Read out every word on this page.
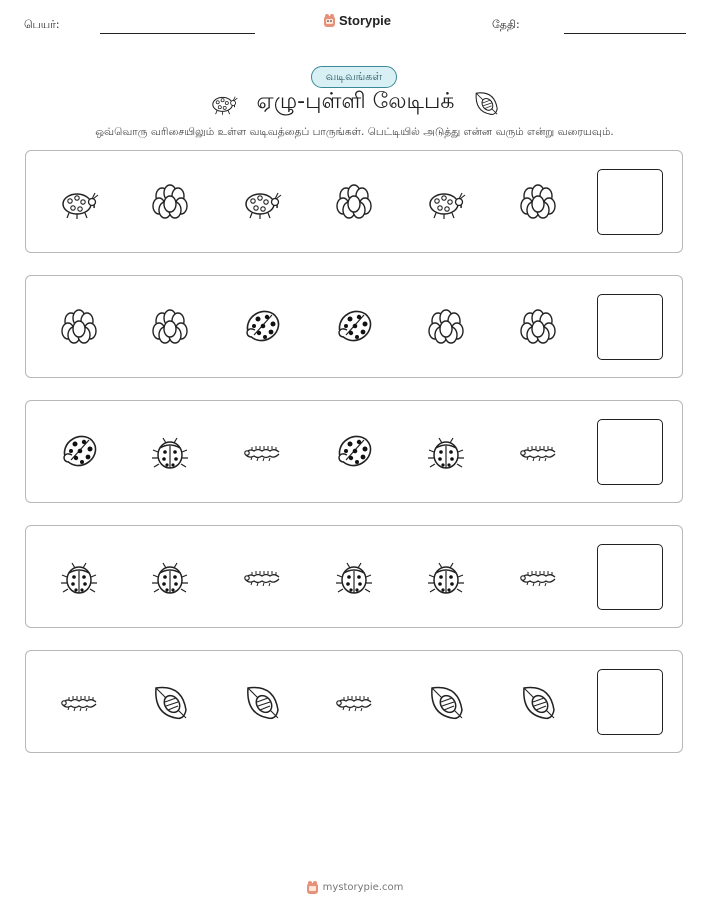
பெயர்:	Storypie	தேதி:
வடிவங்கள்
ஏழு-புள்ளி லேடிபக்
ஒவ்வொரு வரிசையிலும் உள்ள வடிவத்தைப் பாருங்கள். பெட்டியில் அடுத்து என்ன வரும் என்று வரையவும்.
mystorypie.com
